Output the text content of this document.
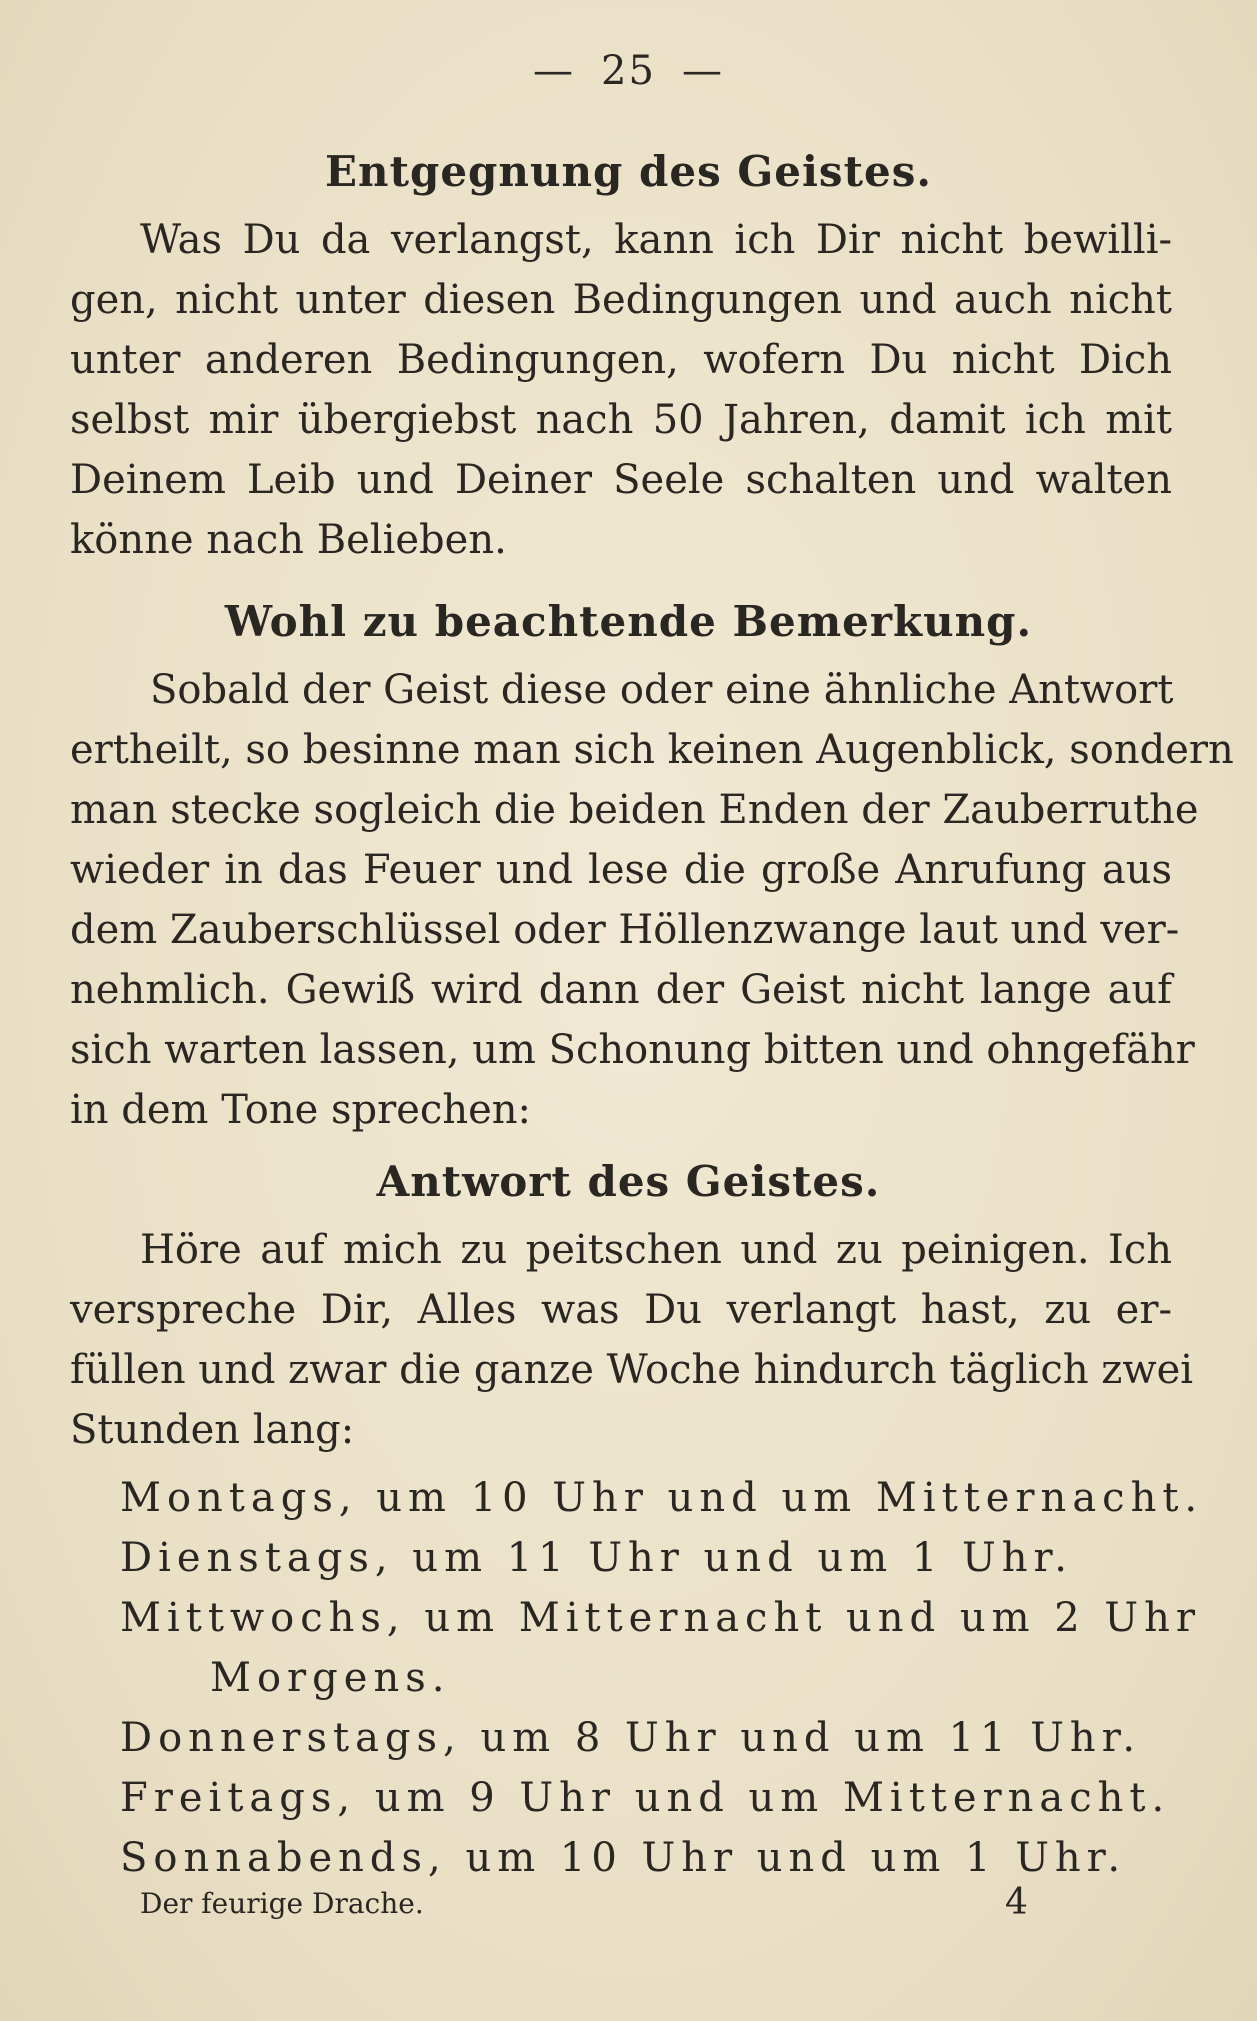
— 25 —
Entgegnung des Geistes.
Was Du da verlangst, kann ich Dir nicht bewilli-
gen, nicht unter diesen Bedingungen und auch nicht
unter anderen Bedingungen, wofern Du nicht Dich
selbst mir übergiebst nach 50 Jahren, damit ich mit
Deinem Leib und Deiner Seele schalten und walten
könne nach Belieben.
Wohl zu beachtende Bemerkung.
Sobald der Geist diese oder eine ähnliche Antwort
ertheilt, so besinne man sich keinen Augenblick, sondern
man stecke sogleich die beiden Enden der Zauberruthe
wieder in das Feuer und lese die große Anrufung aus
dem Zauberschlüssel oder Höllenzwange laut und ver-
nehmlich. Gewiß wird dann der Geist nicht lange auf
sich warten lassen, um Schonung bitten und ohngefähr
in dem Tone sprechen:
Antwort des Geistes.
Höre auf mich zu peitschen und zu peinigen. Ich
verspreche Dir, Alles was Du verlangt hast, zu er-
füllen und zwar die ganze Woche hindurch täglich zwei
Stunden lang:
Montags, um 10 Uhr und um Mitternacht.
Dienstags, um 11 Uhr und um 1 Uhr.
Mittwochs, um Mitternacht und um 2 Uhr
Morgens.
Donnerstags, um 8 Uhr und um 11 Uhr.
Freitags, um 9 Uhr und um Mitternacht.
Sonnabends, um 10 Uhr und um 1 Uhr.
Der feurige Drache.	4
